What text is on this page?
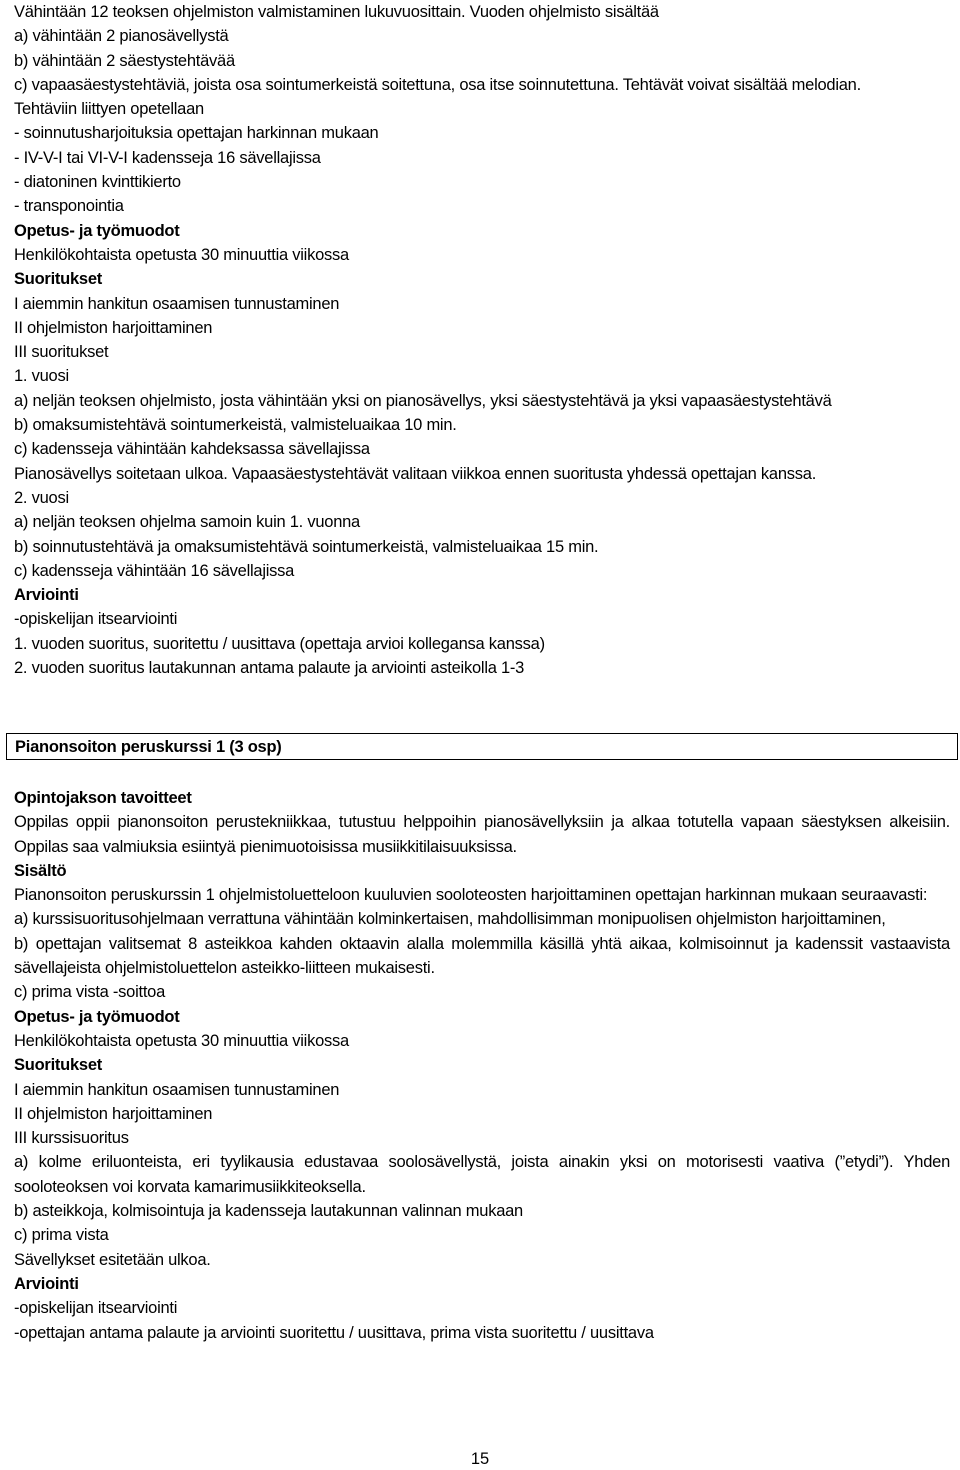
Vähintään 12 teoksen ohjelmiston valmistaminen lukuvuosittain. Vuoden ohjelmisto sisältää
a) vähintään 2 pianosävellystä
b) vähintään 2 säestystehtävää
c) vapaasäestystehtäviä, joista osa sointumerkeistä soitettuna, osa itse soinnutettuna. Tehtävät voivat sisältää melodian.
Tehtäviin liittyen opetellaan
- soinnutusharjoituksia opettajan harkinnan mukaan
- IV-V-I tai VI-V-I kadensseja 16 sävellajissa
- diatoninen kvinttikierto
- transponointia
Opetus- ja työmuodot
Henkilökohtaista opetusta 30 minuuttia viikossa
Suoritukset
I aiemmin hankitun osaamisen tunnustaminen
II ohjelmiston harjoittaminen
III suoritukset
1. vuosi
a) neljän teoksen ohjelmisto, josta vähintään yksi on pianosävellys, yksi säestystehtävä ja yksi vapaasäestystehtävä
b) omaksumistehtävä sointumerkeistä, valmisteluaikaa 10 min.
c) kadensseja vähintään kahdeksassa sävellajissa
Pianosävellys soitetaan ulkoa. Vapaasäestystehtävät valitaan viikkoa ennen suoritusta yhdessä opettajan kanssa.
2. vuosi
a) neljän teoksen ohjelma samoin kuin 1. vuonna
b) soinnutustehtävä ja omaksumistehtävä sointumerkeistä, valmisteluaikaa 15 min.
c) kadensseja vähintään 16 sävellajissa
Arviointi
-opiskelijan itsearviointi
1. vuoden suoritus, suoritettu / uusittava (opettaja arvioi kollegansa kanssa)
2. vuoden suoritus lautakunnan antama palaute ja arviointi asteikolla 1-3
Pianonsoiton peruskurssi 1 (3 osp)
Opintojakson tavoitteet
Oppilas oppii pianonsoiton perustekniikkaa, tutustuu helppoihin pianosävellyksiin ja alkaa totutella vapaan säestyksen alkeisiin. Oppilas saa valmiuksia esiintyä pienimuotoisissa musiikkitilaisuuksissa.
Sisältö
Pianonsoiton peruskurssin 1 ohjelmistoluetteloon kuuluvien sooloteosten harjoittaminen opettajan harkinnan mukaan seuraavasti:
a) kurssisuoritusohjelmaan verrattuna vähintään kolminkertaisen, mahdollisimman monipuolisen ohjelmiston harjoittaminen,
b) opettajan valitsemat 8 asteikkoa kahden oktaavin alalla molemmilla käsillä yhtä aikaa, kolmisoinnut ja kadenssit vastaavista sävellajeista ohjelmistoluettelon asteikko-liitteen mukaisesti.
c) prima vista -soittoa
Opetus- ja työmuodot
Henkilökohtaista opetusta 30 minuuttia viikossa
Suoritukset
I aiemmin hankitun osaamisen tunnustaminen
II ohjelmiston harjoittaminen
III kurssisuoritus
a) kolme eriluonteista, eri tyylikausia edustavaa soolosävellystä, joista ainakin yksi on motorisesti vaativa (”etydi”). Yhden sooloteoksen voi korvata kamarimusiikkiteoksella.
b) asteikkoja, kolmisointuja ja kadensseja lautakunnan valinnan mukaan
c) prima vista
Sävellykset esitetään ulkoa.
Arviointi
-opiskelijan itsearviointi
-opettajan antama palaute ja arviointi suoritettu / uusittava, prima vista suoritettu / uusittava
15
